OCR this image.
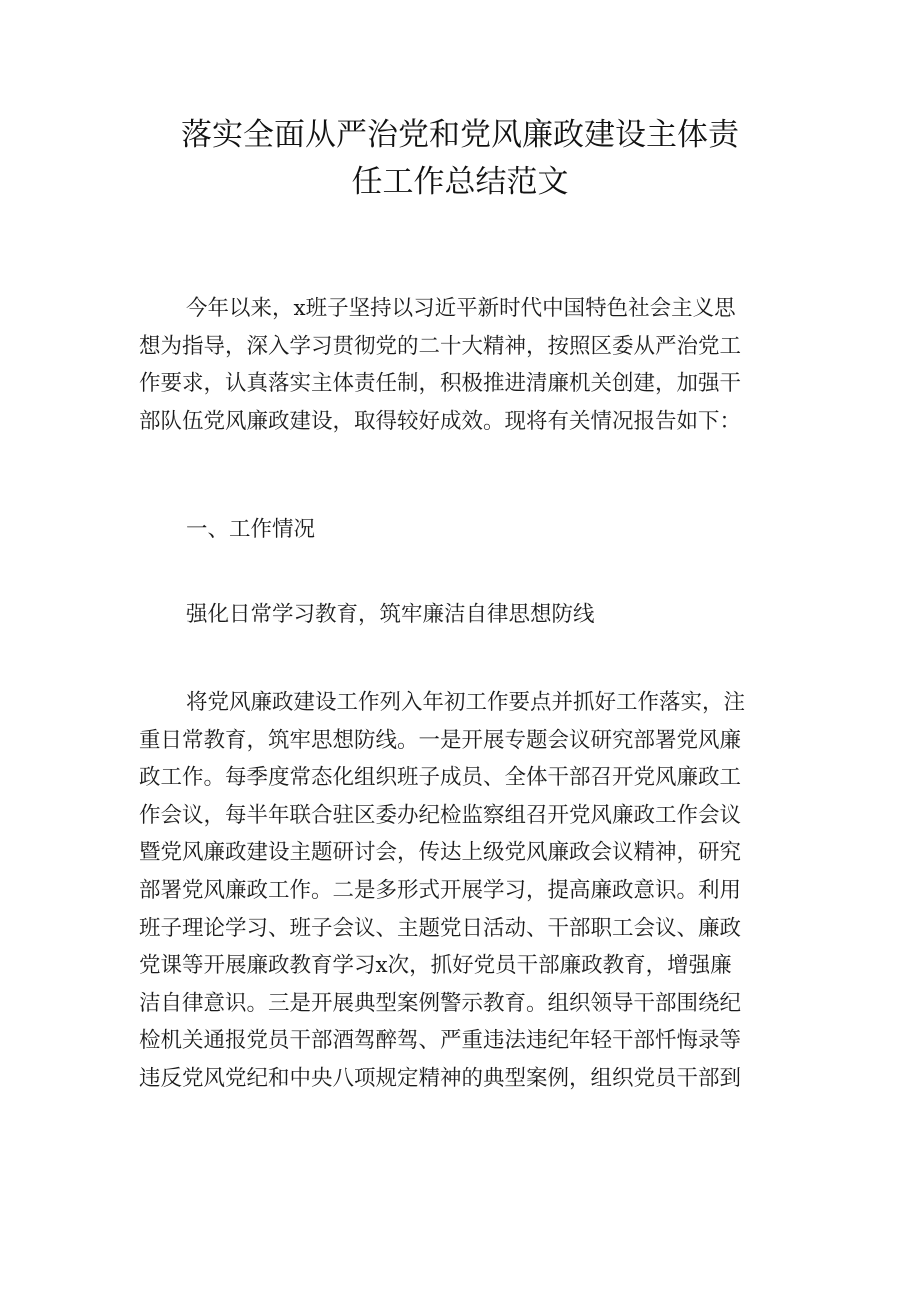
落实全面从严治党和党风廉政建设主体责
任工作总结范文
今年以来，x班子坚持以习近平新时代中国特色社会主义思
想为指导，深入学习贯彻党的二十大精神，按照区委从严治党工
作要求，认真落实主体责任制，积极推进清廉机关创建，加强干
部队伍党风廉政建设，取得较好成效。现将有关情况报告如下：
一、工作情况
强化日常学习教育，筑牢廉洁自律思想防线
将党风廉政建设工作列入年初工作要点并抓好工作落实，注
重日常教育，筑牢思想防线。一是开展专题会议研究部署党风廉
政工作。每季度常态化组织班子成员、全体干部召开党风廉政工
作会议，每半年联合驻区委办纪检监察组召开党风廉政工作会议
暨党风廉政建设主题研讨会，传达上级党风廉政会议精神，研究
部署党风廉政工作。二是多形式开展学习，提高廉政意识。利用
班子理论学习、班子会议、主题党日活动、干部职工会议、廉政
党课等开展廉政教育学习x次，抓好党员干部廉政教育，增强廉
洁自律意识。三是开展典型案例警示教育。组织领导干部围绕纪
检机关通报党员干部酒驾醉驾、严重违法违纪年轻干部忏悔录等
违反党风党纪和中央八项规定精神的典型案例，组织党员干部到
